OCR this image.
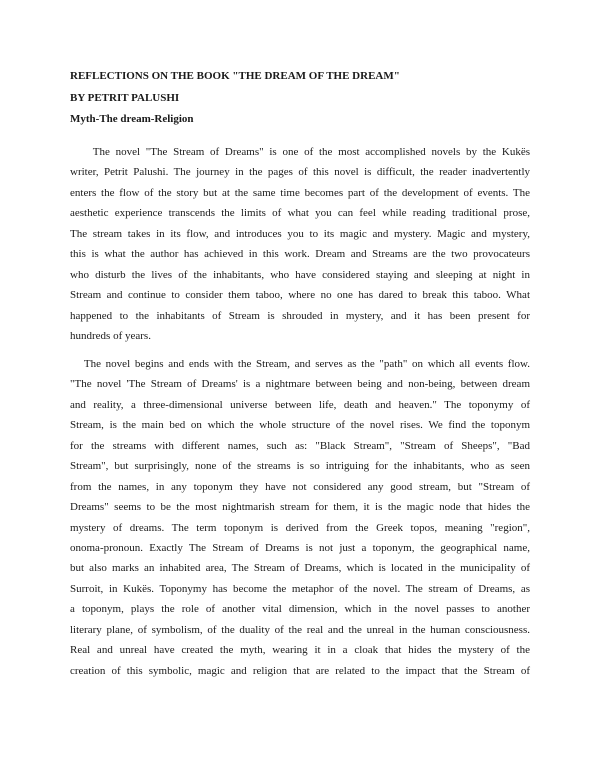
REFLECTIONS ON THE BOOK "THE DREAM OF THE DREAM"
BY PETRIT PALUSHI
Myth-The dream-Religion
The novel "The Stream of Dreams" is one of the most accomplished novels by the Kukës
writer, Petrit Palushi. The journey in the pages of this novel is difficult, the reader inadvertently
enters the flow of the story but at the same time becomes part of the development of events. The
aesthetic experience transcends the limits of what you can feel while reading traditional prose,
The stream takes in its flow, and introduces you to its magic and mystery. Magic and mystery,
this is what the author has achieved in this work. Dream and Streams are the two provocateurs
who disturb the lives of the inhabitants, who have considered staying and sleeping at night in
Stream and continue to consider them taboo, where no one has dared to break this taboo. What
happened to the inhabitants of Stream is shrouded in mystery, and it has been present for
hundreds of years.
The novel begins and ends with the Stream, and serves as the "path" on which all events flow.
"The novel 'The Stream of Dreams' is a nightmare between being and non-being, between dream
and reality, a three-dimensional universe between life, death and heaven." The toponymy of
Stream, is the main bed on which the whole structure of the novel rises. We find the toponym
for the streams with different names, such as: "Black Stream", "Stream of Sheeps", "Bad
Stream", but surprisingly, none of the streams is so intriguing for the inhabitants, who as seen
from the names, in any toponym they have not considered any good stream, but "Stream of
Dreams" seems to be the most nightmarish stream for them, it is the magic node that hides the
mystery of dreams. The term toponym is derived from the Greek topos, meaning "region",
onoma-pronoun. Exactly The Stream of Dreams is not just a toponym, the geographical name,
but also marks an inhabited area, The Stream of Dreams, which is located in the municipality of
Surroit, in Kukës. Toponymy has become the metaphor of the novel. The stream of Dreams, as
a toponym, plays the role of another vital dimension, which in the novel passes to another
literary plane, of symbolism, of the duality of the real and the unreal in the human consciousness.
Real and unreal have created the myth, wearing it in a cloak that hides the mystery of the
creation of this symbolic, magic and religion that are related to the impact that the Stream of
